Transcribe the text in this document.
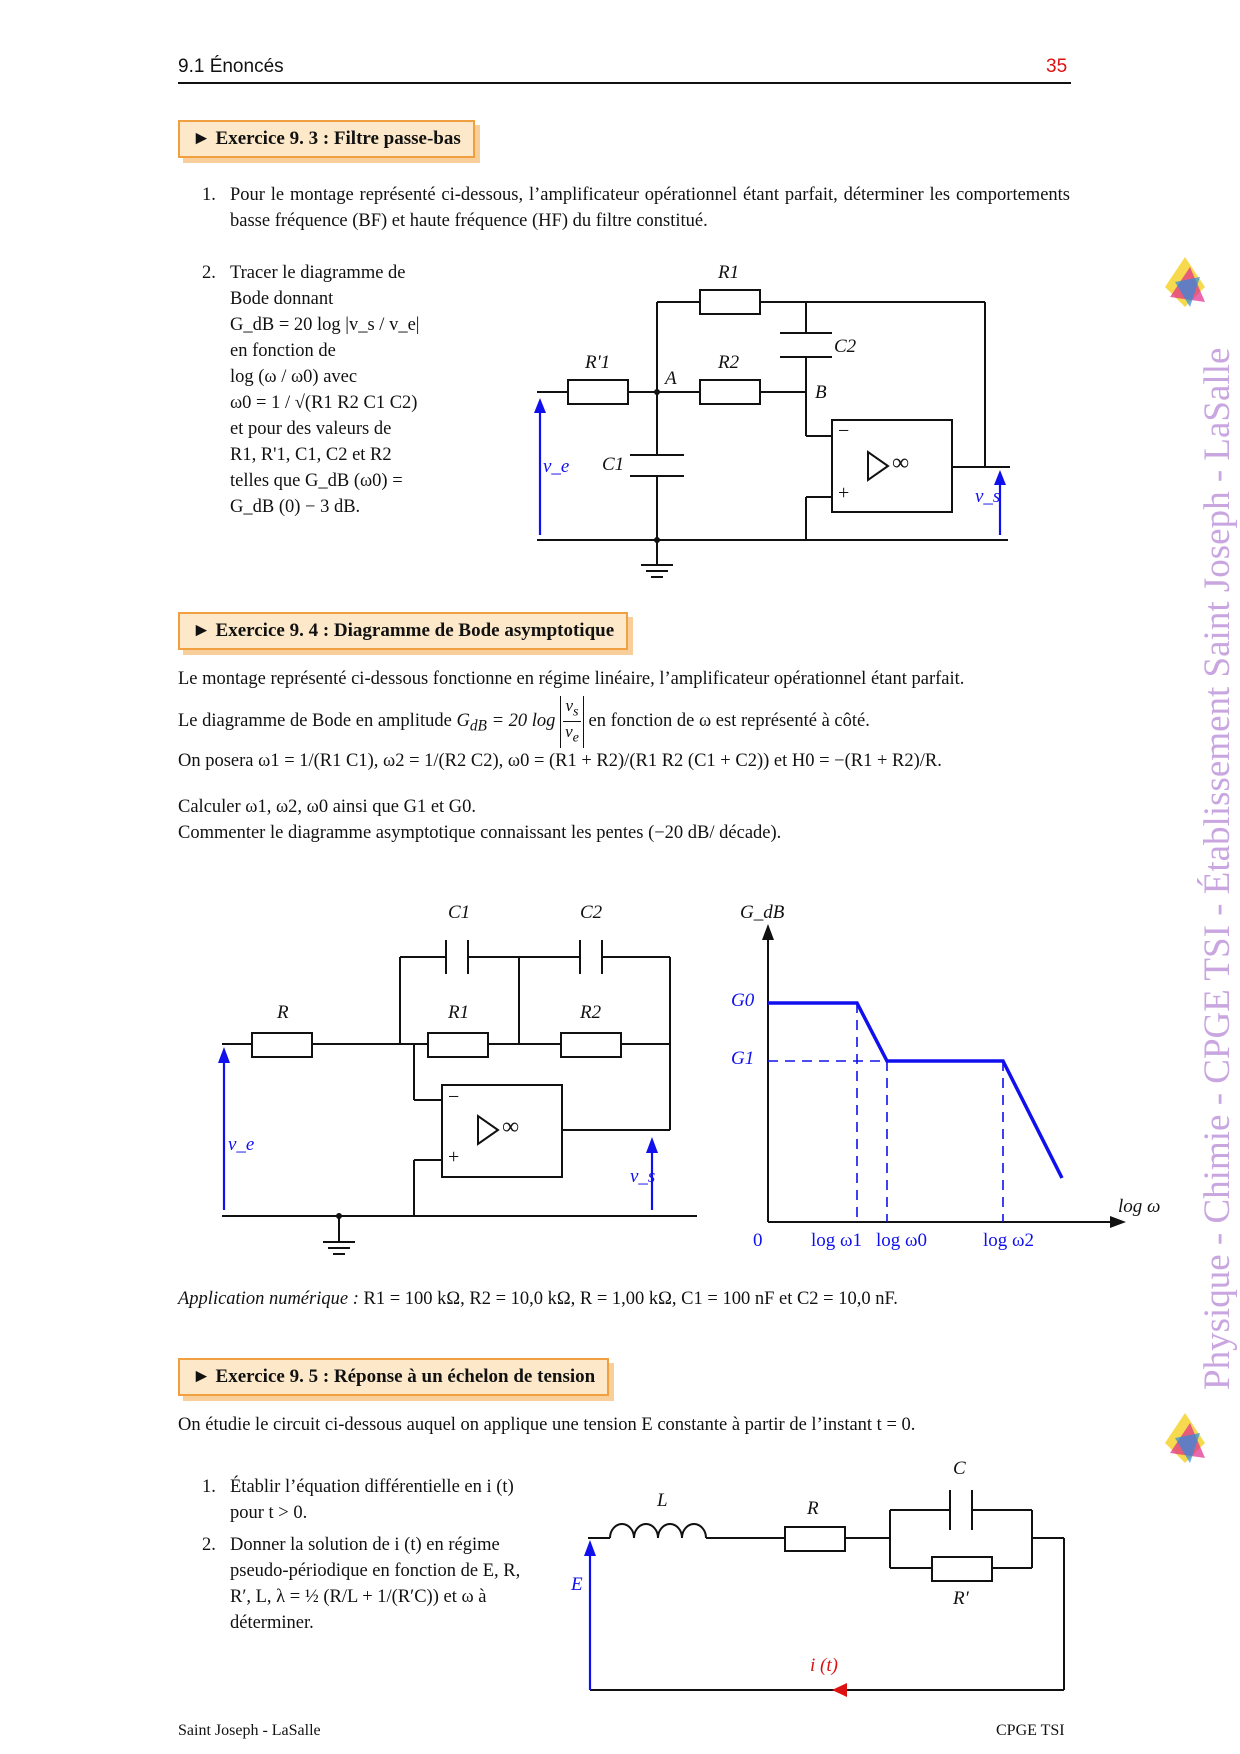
9.1 Énoncés	35
Physique - Chimie - CPGE TSI - Établissement Saint Joseph - LaSalle
► Exercice 9. 3 : Filtre passe-bas
1. Pour le montage représenté ci-dessous, l’amplificateur opérationnel étant parfait, déterminer les comportements basse fréquence (BF) et haute fréquence (HF) du filtre constitué.
2. Tracer le diagramme de Bode donnant
G_dB = 20 log |v_s / v_e|
en fonction de
log (ω / ω0) avec
ω0 = 1 / √(R1 R2 C1 C2)
et pour des valeurs de
R1, R'1, C1, C2 et R2
telles que G_dB (ω0) =
G_dB (0) − 3 dB.
R1
R'1	R2
C2
C1
A
B
v_e
v_s
∞
−
+
► Exercice 9. 4 : Diagramme de Bode asymptotique
Le montage représenté ci-dessous fonctionne en régime linéaire, l’amplificateur opérationnel étant parfait.
Le diagramme de Bode en amplitude $G_{dB} = 20$ $\log \frac{v_s}{v_e}$ en fonction de ω est représenté à côté.
On posera ω1 = 1/(R1 C1), ω2 = 1/(R2 C2), ω0 = (R1 + R2)/(R1 R2 (C1 + C2)) et H0 = −(R1 + R2)/R.
Calculer ω1, ω2, ω0 ainsi que G1 et G0.
Commenter le diagramme asymptotique connaissant les pentes (−20 dB/ décade).
R	R1	R2
C1	C2
v_e
v_s
∞
−
+
G_dB
log ω
G0
G1
0	log ω1 log ω0	log ω2
Application numérique : R1 = 100 kΩ, R2 = 10,0 kΩ, R = 1,00 kΩ, C1 = 100 nF et C2 = 10,0 nF.
► Exercice 9. 5 : Réponse à un échelon de tension
On étudie le circuit ci-dessous auquel on applique une tension E constante à partir de l’instant t = 0.
1. Établir l’équation différentielle en i (t) pour t > 0.
2. Donner la solution de i (t) en régime pseudo-périodique en fonction de E, R, R′, L, λ = ½ (R/L + 1/(R′C)) et ω à déterminer.
L	R
C
R′
E
i (t)
Saint Joseph - LaSalle	CPGE TSI
